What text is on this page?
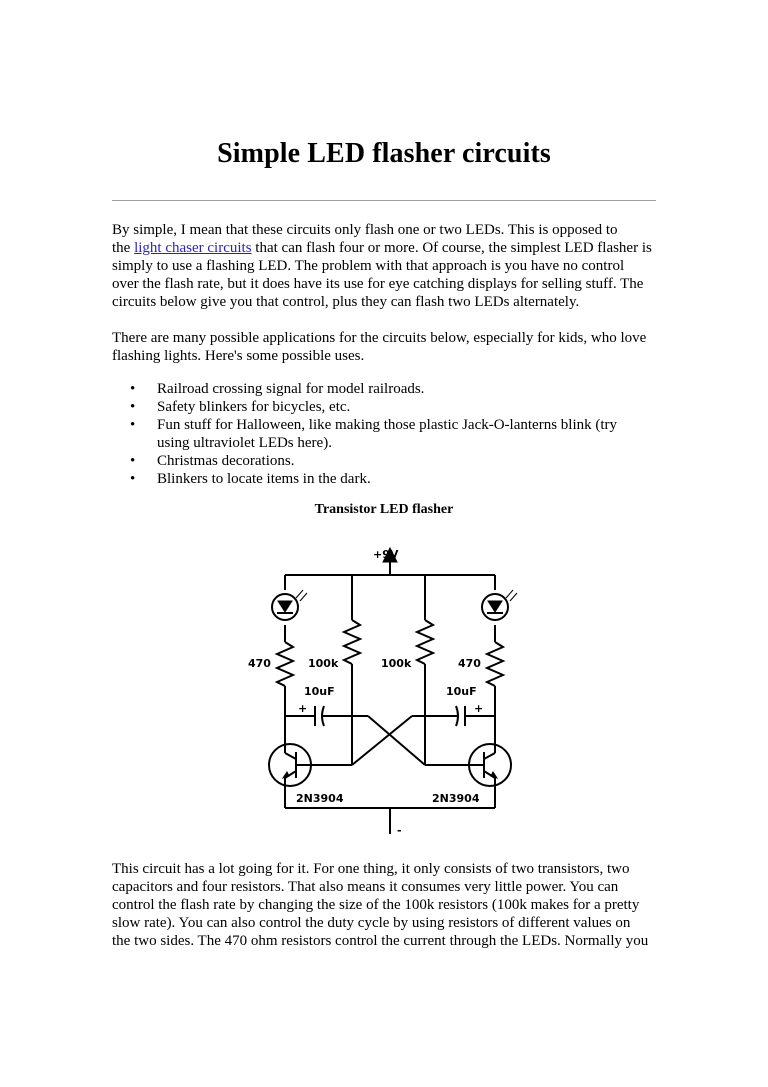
Simple LED flasher circuits
By simple, I mean that these circuits only flash one or two LEDs. This is opposed to
the light chaser circuits that can flash four or more. Of course, the simplest LED flasher is
simply to use a flashing LED. The problem with that approach is you have no control
over the flash rate, but it does have its use for eye catching displays for selling stuff. The
circuits below give you that control, plus they can flash two LEDs alternately.
There are many possible applications for the circuits below, especially for kids, who love
flashing lights. Here's some possible uses.
• Railroad crossing signal for model railroads.
• Safety blinkers for bicycles, etc.
• Fun stuff for Halloween, like making those plastic Jack-O-lanterns blink (try
using ultraviolet LEDs here).
• Christmas decorations.
• Blinkers to locate items in the dark.
Transistor LED flasher
+9V
-
470	100k	100k	470
10uF	10uF
+	+
2N3904	2N3904
This circuit has a lot going for it. For one thing, it only consists of two transistors, two
capacitors and four resistors. That also means it consumes very little power. You can
control the flash rate by changing the size of the 100k resistors (100k makes for a pretty
slow rate). You can also control the duty cycle by using resistors of different values on
the two sides. The 470 ohm resistors control the current through the LEDs. Normally you
